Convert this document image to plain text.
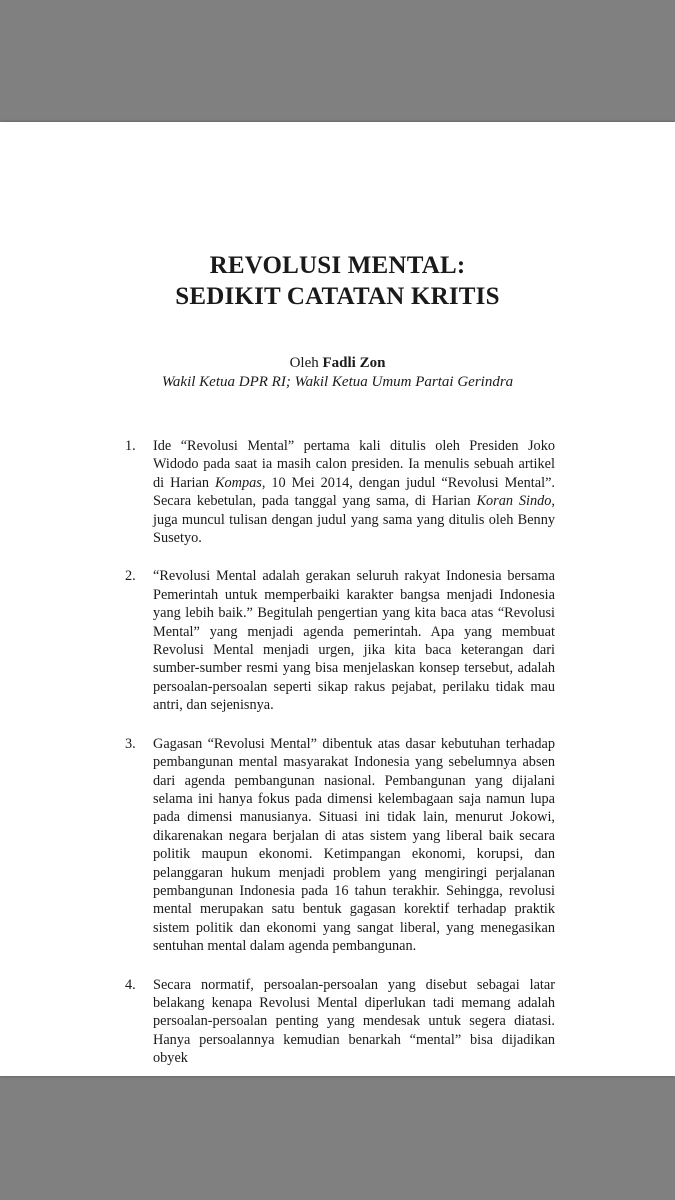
REVOLUSI MENTAL:
SEDIKIT CATATAN KRITIS
Oleh Fadli Zon
Wakil Ketua DPR RI; Wakil Ketua Umum Partai Gerindra
1. Ide “Revolusi Mental” pertama kali ditulis oleh Presiden Joko Widodo pada saat ia masih calon presiden. Ia menulis sebuah artikel di Harian Kompas, 10 Mei 2014, dengan judul “Revolusi Mental”. Secara kebetulan, pada tanggal yang sama, di Harian Koran Sindo, juga muncul tulisan dengan judul yang sama yang ditulis oleh Benny Susetyo.

2. “Revolusi Mental adalah gerakan seluruh rakyat Indonesia bersama Pemerintah untuk memperbaiki karakter bangsa menjadi Indonesia yang lebih baik.” Begitulah pengertian yang kita baca atas “Revolusi Mental” yang menjadi agenda pemerintah. Apa yang membuat Revolusi Mental menjadi urgen, jika kita baca keterangan dari sumber-sumber resmi yang bisa menjelaskan konsep tersebut, adalah persoalan-persoalan seperti sikap rakus pejabat, perilaku tidak mau antri, dan sejenisnya.

3. Gagasan “Revolusi Mental” dibentuk atas dasar kebutuhan terhadap pembangunan mental masyarakat Indonesia yang sebelumnya absen dari agenda pembangunan nasional. Pembangunan yang dijalani selama ini hanya fokus pada dimensi kelembagaan saja namun lupa pada dimensi manusianya. Situasi ini tidak lain, menurut Jokowi, dikarenakan negara berjalan di atas sistem yang liberal baik secara politik maupun ekonomi. Ketimpangan ekonomi, korupsi, dan pelanggaran hukum menjadi problem yang mengiringi perjalanan pembangunan Indonesia pada 16 tahun terakhir. Sehingga, revolusi mental merupakan satu bentuk gagasan korektif terhadap praktik sistem politik dan ekonomi yang sangat liberal, yang menegasikan sentuhan mental dalam agenda pembangunan.

4. Secara normatif, persoalan-persoalan yang disebut sebagai latar belakang kenapa Revolusi Mental diperlukan tadi memang adalah persoalan-persoalan penting yang mendesak untuk segera diatasi. Hanya persoalannya kemudian benarkah “mental” bisa dijadikan obyek
